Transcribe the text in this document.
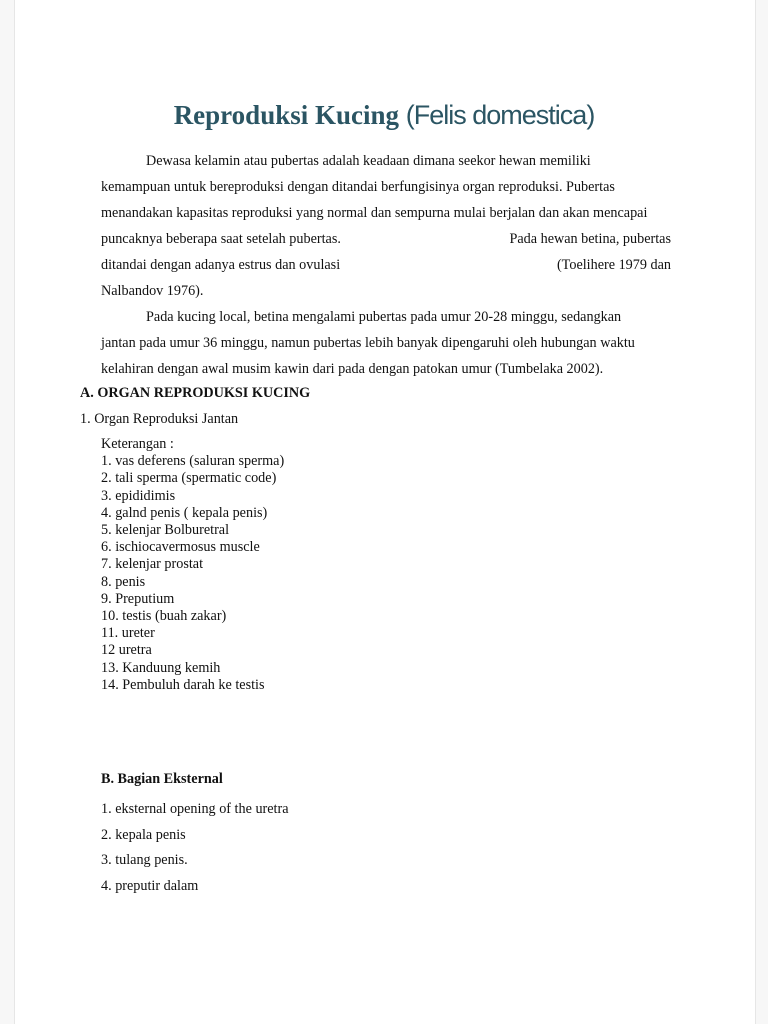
Reproduksi Kucing (Felis domestica)
Dewasa kelamin atau pubertas adalah keadaan dimana seekor hewan memiliki
kemampuan untuk bereproduksi dengan ditandai berfungisinya organ reproduksi. Pubertas
menandakan kapasitas reproduksi yang normal dan sempurna mulai berjalan dan akan mencapai
puncaknya beberapa saat setelah pubertas.	Pada hewan betina, pubertas
ditandai dengan adanya estrus dan ovulasi	(Toelihere 1979 dan
Nalbandov 1976).
Pada kucing local, betina mengalami pubertas pada umur 20-28 minggu, sedangkan
jantan pada umur 36 minggu, namun pubertas lebih banyak dipengaruhi oleh hubungan waktu
kelahiran dengan awal musim kawin dari pada dengan patokan umur (Tumbelaka 2002).
A. ORGAN REPRODUKSI KUCING
1. Organ Reproduksi Jantan
Keterangan :
1. vas deferens (saluran sperma)
2. tali sperma (spermatic code)
3. epididimis
4. galnd penis ( kepala penis)
5. kelenjar Bolburetral
6. ischiocavermosus muscle
7. kelenjar prostat
8. penis
9. Preputium
10. testis (buah zakar)
11. ureter
12 uretra
13. Kanduung kemih
14. Pembuluh darah ke testis
B. Bagian Eksternal
1. eksternal opening of the uretra
2. kepala penis
3. tulang penis.
4. preputir dalam
